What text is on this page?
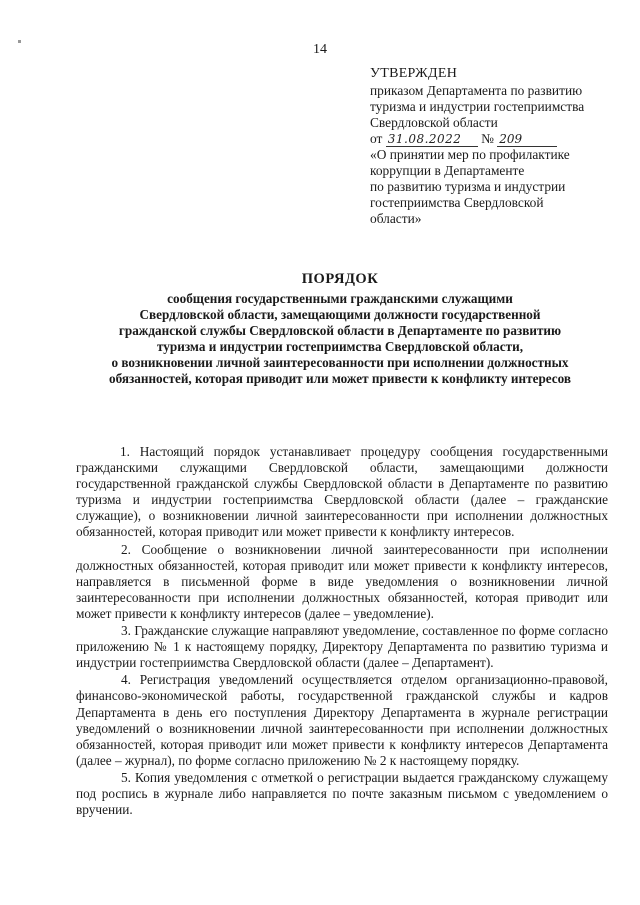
14
УТВЕРЖДЕН
приказом Департамента по развитию
туризма и индустрии гостеприимства
Свердловской области
от 31.08.2022 № 209
«О принятии мер по профилактике
коррупции в Департаменте
по развитию туризма и индустрии
гостеприимства Свердловской
области»
ПОРЯДОК
сообщения государственными гражданскими служащими
Свердловской области, замещающими должности государственной
гражданской службы Свердловской области в Департаменте по развитию
туризма и индустрии гостеприимства Свердловской области,
о возникновении личной заинтересованности при исполнении должностных
обязанностей, которая приводит или может привести к конфликту интересов

1. Настоящий порядок устанавливает процедуру сообщения государственными гражданскими служащими Свердловской области, замещающими должности государственной гражданской службы Свердловской области в Департаменте по развитию туризма и индустрии гостеприимства Свердловской области (далее – гражданские служащие), о возникновении личной заинтересованности при исполнении должностных обязанностей, которая приводит или может привести к конфликту интересов.

2. Сообщение о возникновении личной заинтересованности при исполнении должностных обязанностей, которая приводит или может привести к конфликту интересов, направляется в письменной форме в виде уведомления о возникновении личной заинтересованности при исполнении должностных обязанностей, которая приводит или может привести к конфликту интересов (далее – уведомление).

3. Гражданские служащие направляют уведомление, составленное по форме согласно приложению № 1 к настоящему порядку, Директору Департамента по развитию туризма и индустрии гостеприимства Свердловской области (далее – Департамент).

4. Регистрация уведомлений осуществляется отделом организационно-правовой, финансово-экономической работы, государственной гражданской службы и кадров Департамента в день его поступления Директору Департамента в журнале регистрации уведомлений о возникновении личной заинтересованности при исполнении должностных обязанностей, которая приводит или может привести к конфликту интересов Департамента (далее – журнал), по форме согласно приложению № 2 к настоящему порядку.

5. Копия уведомления с отметкой о регистрации выдается гражданскому служащему под роспись в журнале либо направляется по почте заказным письмом с уведомлением о вручении.
